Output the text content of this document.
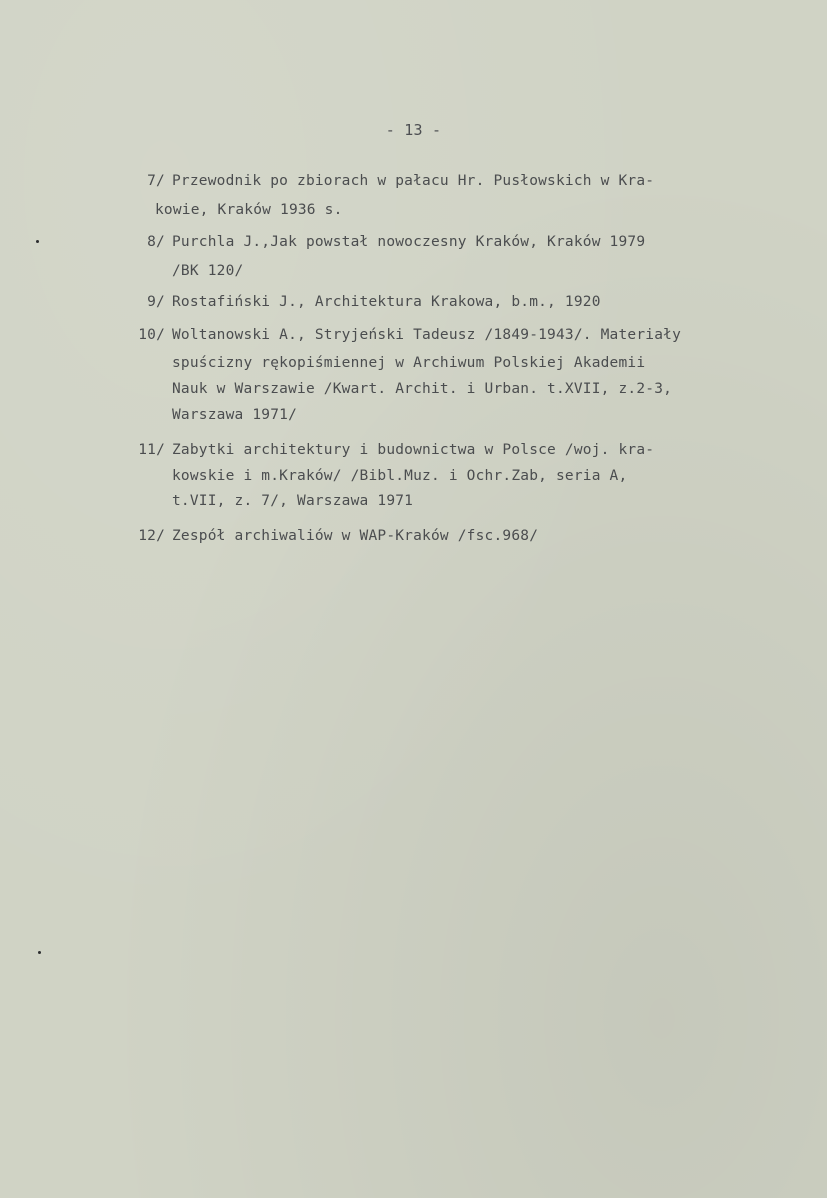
- 13 -
7/ Przewodnik po zbiorach w pałacu Hr. Pusłowskich w Kra-
kowie, Kraków 1936 s.
8/ Purchla J.,Jak powstał nowoczesny Kraków, Kraków 1979
/BK 120/
9/ Rostafiński J., Architektura Krakowa, b.m., 1920
10/ Woltanowski A., Stryjeński Tadeusz /1849-1943/. Materiały
spuścizny rękopiśmiennej w Archiwum Polskiej Akademii
Nauk w Warszawie /Kwart. Archit. i Urban. t.XVII, z.2-3,
Warszawa 1971/
11/ Zabytki architektury i budownictwa w Polsce /woj. kra-
kowskie i m.Kraków/ /Bibl.Muz. i Ochr.Zab, seria A,
t.VII, z. 7/, Warszawa 1971
12/ Zespół archiwaliów w WAP-Kraków /fsc.968/
